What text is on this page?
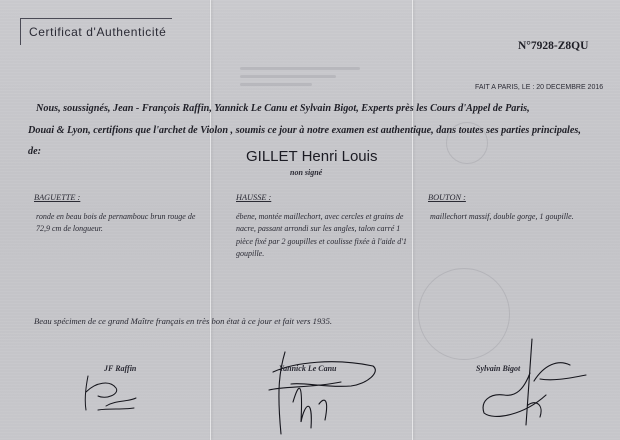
Certificat d'Authenticité
N°7928-Z8QU
FAIT A PARIS, LE : 20 DECEMBRE 2016
Nous, soussignés, Jean - François Raffin, Yannick Le Canu et Sylvain Bigot, Experts près les Cours d'Appel de Paris,
Douai & Lyon, certifions que l'archet de Violon , soumis ce jour à notre examen est authentique, dans toutes ses parties principales,
de:	GILLET Henri Louis
non signé
BAGUETTE :
ronde en beau bois de pernambouc brun rouge de 72,9 cm de longueur.
HAUSSE :
ébene, montée maillechort, avec cercles et grains de nacre, passant arrondi sur les angles, talon carré 1 pièce fixé par 2 goupilles et coulisse fixée à l'aide d'1 goupille.
BOUTON :
maillechort massif, double gorge, 1 goupille.
Beau spécimen de ce grand Maître français en très bon état à ce jour et fait vers 1935.
JF Raffin	Yannick Le Canu	Sylvain Bigot
